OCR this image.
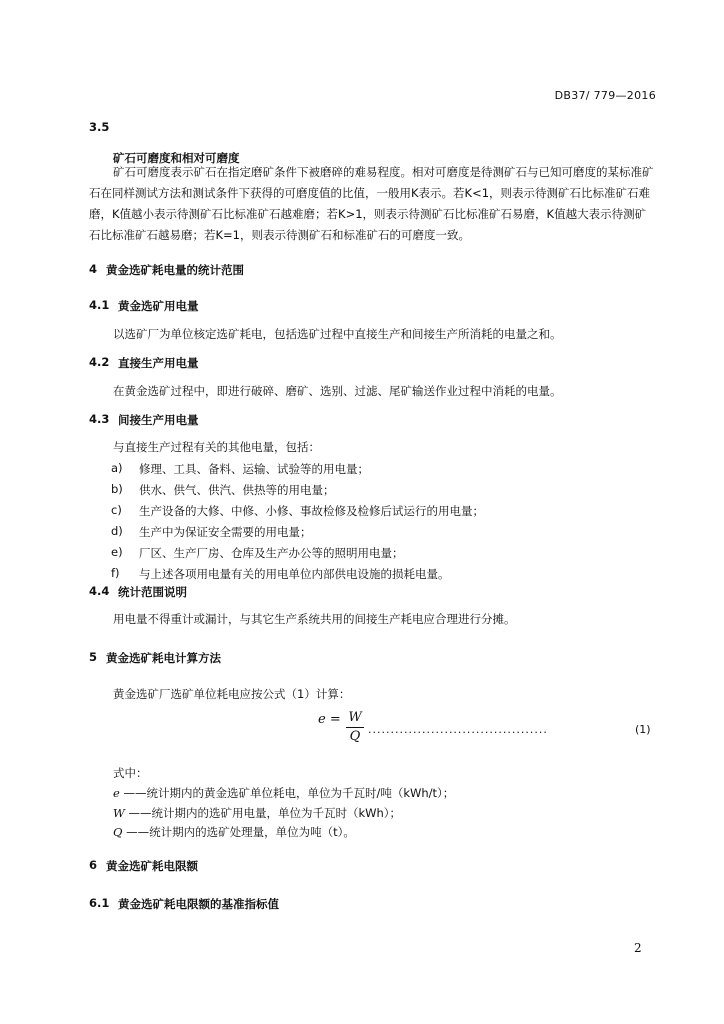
DB37/ 779—2016
3.5
矿石可磨度和相对可磨度
矿石可磨度表示矿石在指定磨矿条件下被磨碎的难易程度。相对可磨度是待测矿石与已知可磨度的某标准矿石在同样测试方法和测试条件下获得的可磨度值的比值，一般用K表示。若K<1，则表示待测矿石比标准矿石难磨，K值越小表示待测矿石比标准矿石越难磨；若K>1，则表示待测矿石比标准矿石易磨，K值越大表示待测矿石比标准矿石越易磨；若K=1，则表示待测矿石和标准矿石的可磨度一致。
4 黄金选矿耗电量的统计范围
4.1 黄金选矿用电量
以选矿厂为单位核定选矿耗电，包括选矿过程中直接生产和间接生产所消耗的电量之和。
4.2 直接生产用电量
在黄金选矿过程中，即进行破碎、磨矿、选别、过滤、尾矿输送作业过程中消耗的电量。
4.3 间接生产用电量
与直接生产过程有关的其他电量，包括：
a) 修理、工具、备料、运输、试验等的用电量；
b) 供水、供气、供汽、供热等的用电量；
c) 生产设备的大修、中修、小修、事故检修及检修后试运行的用电量；
d) 生产中为保证安全需要的用电量；
e) 厂区、生产厂房、仓库及生产办公等的照明用电量；
f) 与上述各项用电量有关的用电单位内部供电设施的损耗电量。
4.4 统计范围说明
用电量不得重计或漏计，与其它生产系统共用的间接生产耗电应合理进行分摊。
5 黄金选矿耗电计算方法
黄金选矿厂选矿单位耗电应按公式（1）计算：
e = W
Q ........................................	(1)
式中：
e ——统计期内的黄金选矿单位耗电，单位为千瓦时/吨（kWh/t）；
W ——统计期内的选矿用电量，单位为千瓦时（kWh）；
Q ——统计期内的选矿处理量，单位为吨（t）。
6 黄金选矿耗电限额
6.1 黄金选矿耗电限额的基准指标值
2
